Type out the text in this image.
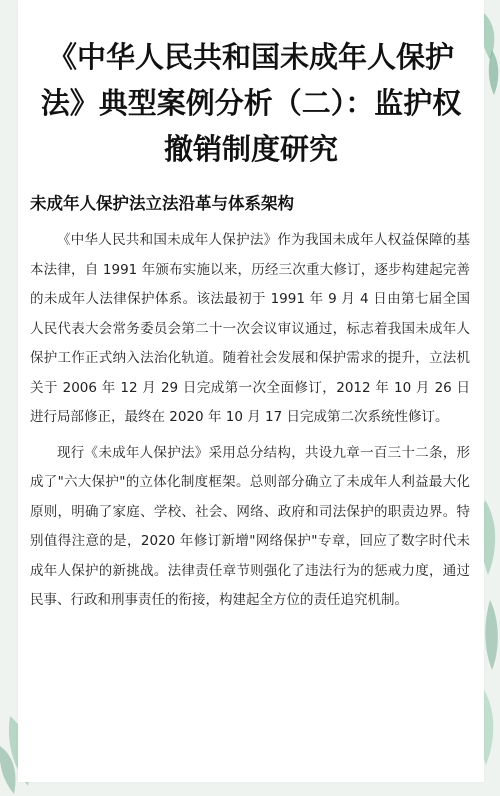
《中华人民共和国未成年人保护法》典型案例分析（二）：监护权撤销制度研究
未成年人保护法立法沿革与体系架构

《中华人民共和国未成年人保护法》作为我国未成年人权益保障的基本法律，自 1991 年颁布实施以来，历经三次重大修订，逐步构建起完善的未成年人法律保护体系。该法最初于 1991 年 9 月 4 日由第七届全国人民代表大会常务委员会第二十一次会议审议通过，标志着我国未成年人保护工作正式纳入法治化轨道。随着社会发展和保护需求的提升，立法机关于 2006 年 12 月 29 日完成第一次全面修订，2012 年 10 月 26 日进行局部修正，最终在 2020 年 10 月 17 日完成第二次系统性修订。

现行《未成年人保护法》采用总分结构，共设九章一百三十二条，形成了"六大保护"的立体化制度框架。总则部分确立了未成年人利益最大化原则，明确了家庭、学校、社会、网络、政府和司法保护的职责边界。特别值得注意的是，2020 年修订新增"网络保护"专章，回应了数字时代未成年人保护的新挑战。法律责任章节则强化了违法行为的惩戒力度，通过民事、行政和刑事责任的衔接，构建起全方位的责任追究机制。
